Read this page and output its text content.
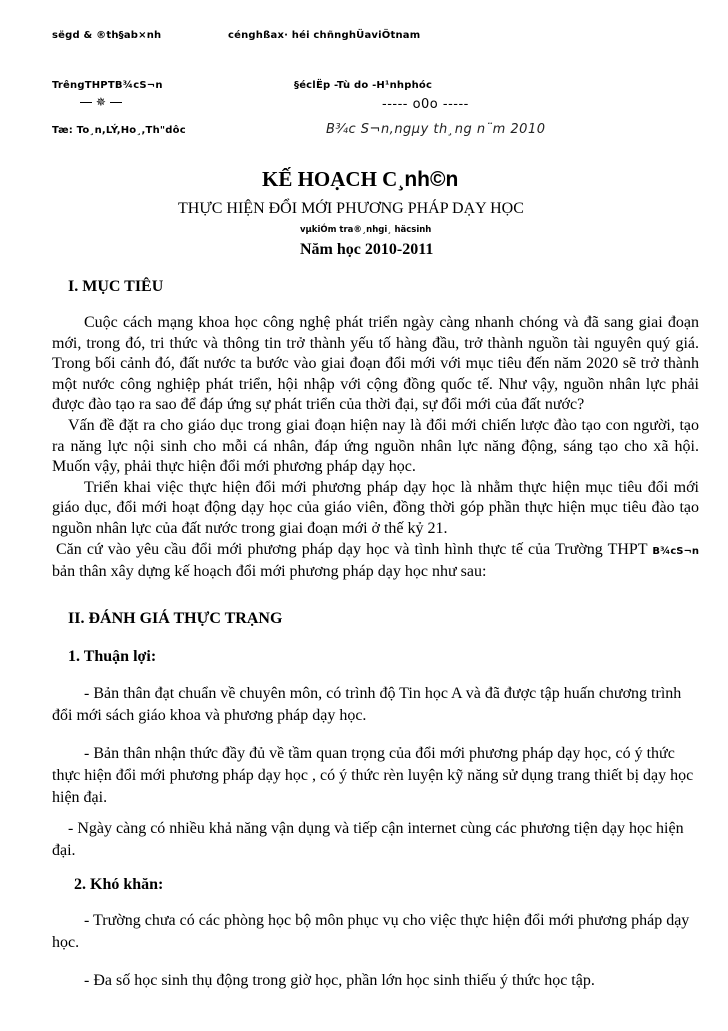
sëgd & ®th§ab×nh	cénghßax· héi chñnghÜaviÖtnam
TrêngTHPTB¾cS¬n	§éclËp -Tù do -H¹nhphóc
✵	----- o0o -----
Tæ: To¸n,LÝ,Ho¸,Th"dôc	B¾c S¬n,ngµy th¸ng n¨m 2010
KẾ HOẠCH C¸nh©n
THỰC HIỆN ĐỔI MỚI PHƯƠNG PHÁP DẠY HỌC
vµkiÓm tra®¸nhgi¸ häcsinh
Năm học 2010-2011
I. MỤC TIÊU

Cuộc cách mạng khoa học công nghệ phát triển ngày càng nhanh chóng và đã sang giai đoạn mới, trong đó, tri thức và thông tin trở thành yếu tố hàng đầu, trở thành nguồn tài nguyên quý giá. Trong bối cảnh đó, đất nước ta bước vào giai đoạn đổi mới với mục tiêu đến năm 2020 sẽ trở thành một nước công nghiệp phát triển, hội nhập với cộng đồng quốc tế. Như vậy, nguồn nhân lực phải được đào tạo ra sao để đáp ứng sự phát triển của thời đại, sự đổi mới của đất nước?

Vấn đề đặt ra cho giáo dục trong giai đoạn hiện nay là đổi mới chiến lược đào tạo con người, tạo ra năng lực nội sinh cho mỗi cá nhân, đáp ứng nguồn nhân lực năng động, sáng tạo cho xã hội. Muốn vậy, phải thực hiện đổi mới phương pháp dạy học.

Triển khai việc thực hiện đổi mới phương pháp dạy học là nhằm thực hiện mục tiêu đổi mới giáo dục, đổi mới hoạt động dạy học của giáo viên, đồng thời góp phần thực hiện mục tiêu đào tạo nguồn nhân lực của đất nước trong giai đoạn mới ở thế kỷ 21.

Căn cứ vào yêu cầu đổi mới phương pháp dạy học và tình hình thực tế của Trường THPT B¾cS¬n bản thân xây dựng kế hoạch đổi mới phương pháp dạy học như sau:

II. ĐÁNH GIÁ THỰC TRẠNG
1. Thuận lợi:

- Bản thân đạt chuẩn về chuyên môn, có trình độ Tin học A và đã được tập huấn chương trình đổi mới sách giáo khoa và phương pháp dạy học.

- Bản thân nhận thức đầy đủ về tầm quan trọng của đổi mới phương pháp dạy học, có ý thức thực hiện đổi mới phương pháp dạy học , có ý thức rèn luyện kỹ năng sử dụng trang thiết bị dạy học hiện đại.

- Ngày càng có nhiều khả năng vận dụng và tiếp cận internet cùng các phương tiện dạy học hiện đại.

2. Khó khăn:

- Trường chưa có các phòng học bộ môn phục vụ cho việc thực hiện đổi mới phương pháp dạy học.

- Đa số học sinh thụ động trong giờ học, phần lớn học sinh thiếu ý thức học tập.
